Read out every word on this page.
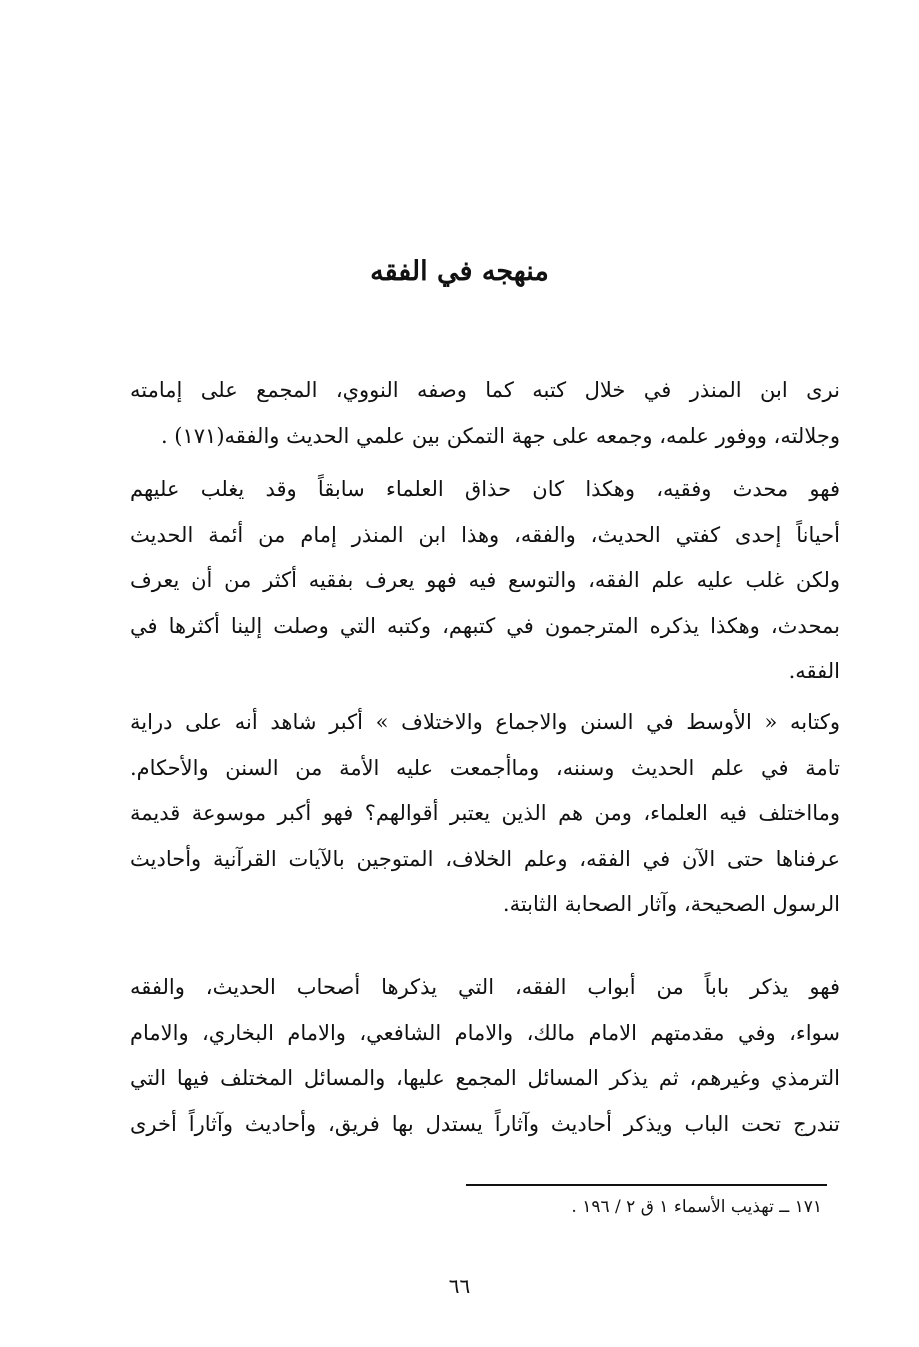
منهجه في الفقه
نرى ابن المنذر في خلال كتبه كما وصفه النووي، المجمع على إمامته
وجلالته، ووفور علمه، وجمعه على جهة التمكن بين علمي الحديث والفقه(١٧١) .
فهو محدث وفقيه، وهكذا كان حذاق العلماء سابقاً وقد يغلب عليهم
أحياناً إحدى كفتي الحديث، والفقه، وهذا ابن المنذر إمام من أئمة الحديث
ولكن غلب عليه علم الفقه، والتوسع فيه فهو يعرف بفقيه أكثر من أن يعرف
بمحدث، وهكذا يذكره المترجمون في كتبهم، وكتبه التي وصلت إلينا أكثرها في
الفقه.
وكتابه « الأوسط في السنن والاجماع والاختلاف » أكبر شاهد أنه على دراية
تامة في علم الحديث وسننه، وماأجمعت عليه الأمة من السنن والأحكام.
ومااختلف فيه العلماء، ومن هم الذين يعتبر أقوالهم؟ فهو أكبر موسوعة قديمة
عرفناها حتى الآن في الفقه، وعلم الخلاف، المتوجين بالآيات القرآنية وأحاديث
الرسول الصحيحة، وآثار الصحابة الثابتة.
فهو يذكر باباً من أبواب الفقه، التي يذكرها أصحاب الحديث، والفقه
سواء، وفي مقدمتهم الامام مالك، والامام الشافعي، والامام البخاري، والامام
الترمذي وغيرهم، ثم يذكر المسائل المجمع عليها، والمسائل المختلف فيها التي
تندرج تحت الباب ويذكر أحاديث وآثاراً يستدل بها فريق، وأحاديث وآثاراً أخرى

١٧١ ــ تهذيب الأسماء ١ ق ٢ / ١٩٦ .

٦٦
